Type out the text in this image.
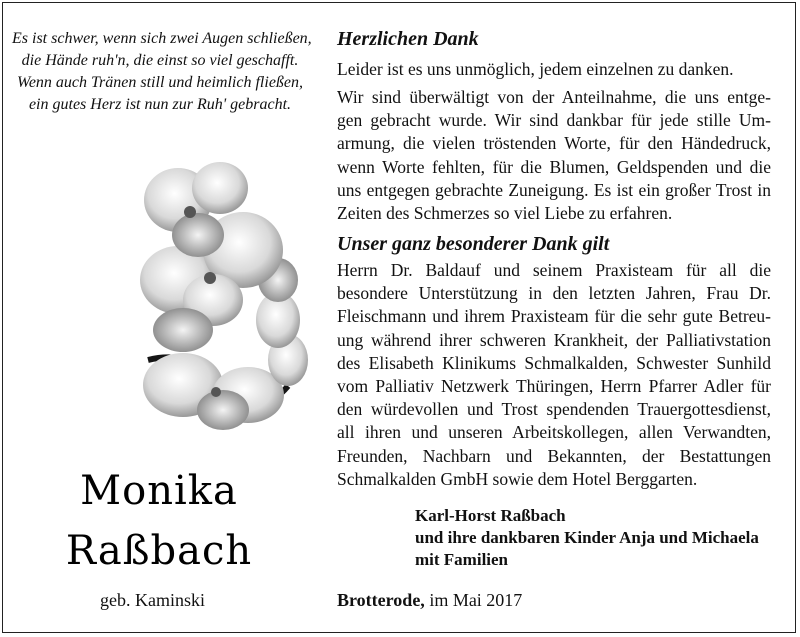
Es ist schwer, wenn sich zwei Augen schließen,
die Hände ruh'n, die einst so viel geschafft.
Wenn auch Tränen still und heimlich fließen,
ein gutes Herz ist nun zur Ruh' gebracht.
Monika
Raßbach
geb. Kaminski
Herzlichen Dank
Leider ist es uns unmöglich, jedem einzelnen zu danken.
Wir sind überwältigt von der Anteilnahme, die uns entge-
gen gebracht wurde. Wir sind dankbar für jede stille Um-
armung, die vielen tröstenden Worte, für den Händedruck,
wenn Worte fehlten, für die Blumen, Geldspenden und die
uns entgegen gebrachte Zuneigung. Es ist ein großer Trost in
Zeiten des Schmerzes so viel Liebe zu erfahren.
Unser ganz besonderer Dank gilt
Herrn Dr. Baldauf und seinem Praxisteam für all die
besondere Unterstützung in den letzten Jahren, Frau Dr.
Fleischmann und ihrem Praxisteam für die sehr gute Betreu-
ung während ihrer schweren Krankheit, der Palliativstation
des Elisabeth Klinikums Schmalkalden, Schwester Sunhild
vom Palliativ Netzwerk Thüringen, Herrn Pfarrer Adler für
den würdevollen und Trost spendenden Trauergottesdienst,
all ihren und unseren Arbeitskollegen, allen Verwandten,
Freunden, Nachbarn und Bekannten, der Bestattungen
Schmalkalden GmbH sowie dem Hotel Berggarten.
Karl-Horst Raßbach
und ihre dankbaren Kinder Anja und Michaela
mit Familien
Brotterode, im Mai 2017
